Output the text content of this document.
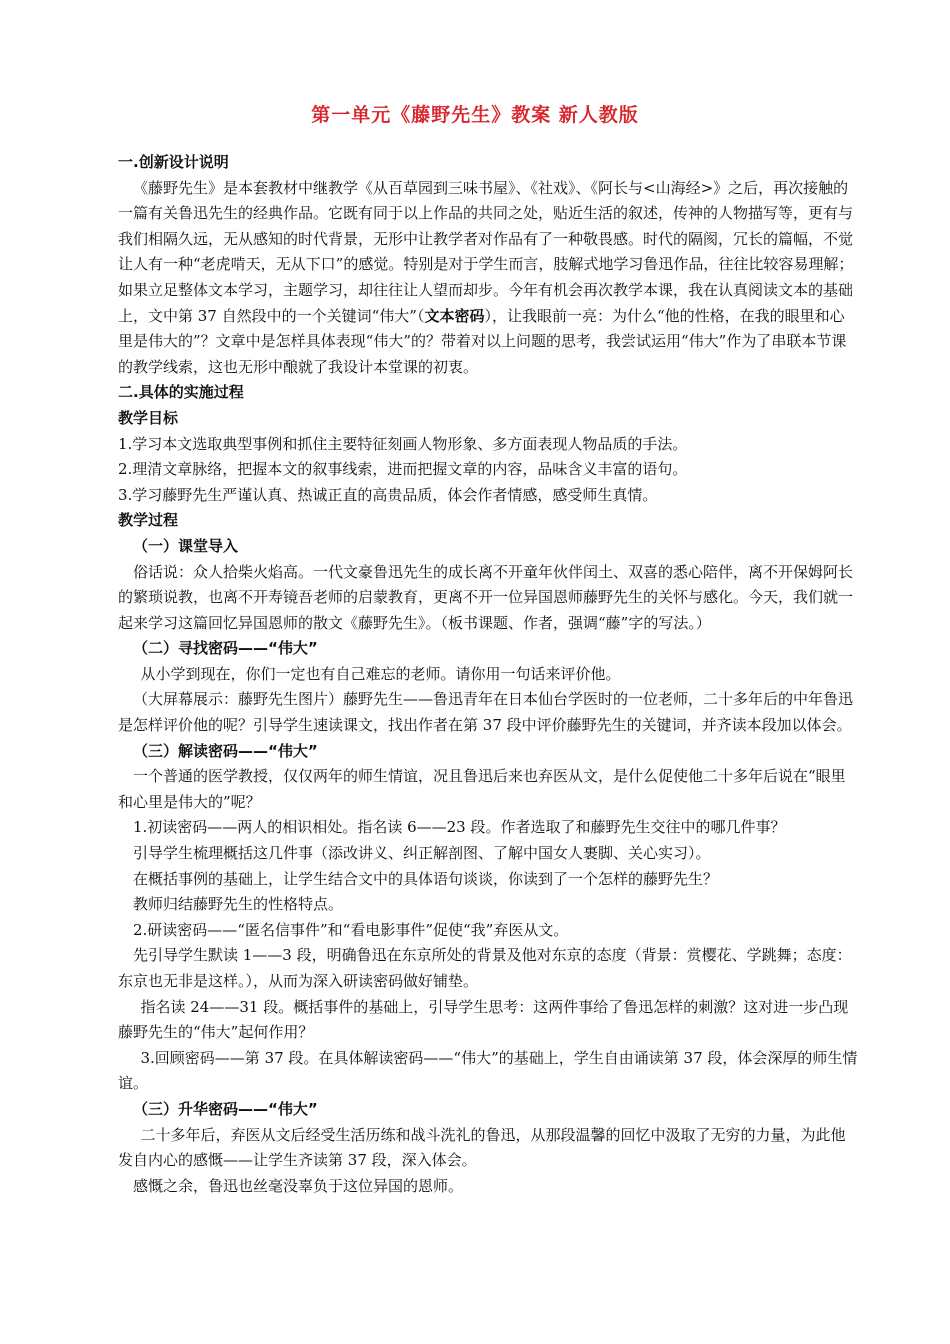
第一单元《藤野先生》教案 新人教版

一.创新设计说明

《藤野先生》是本套教材中继教学《从百草园到三味书屋》、《社戏》、《阿长与<山海经>》之后，再次接触的一篇有关鲁迅先生的经典作品。它既有同于以上作品的共同之处，贴近生活的叙述，传神的人物描写等，更有与我们相隔久远，无从感知的时代背景，无形中让教学者对作品有了一种敬畏感。时代的隔阂，冗长的篇幅，不觉让人有一种“老虎啃天，无从下口”的感觉。特别是对于学生而言，肢解式地学习鲁迅作品，往往比较容易理解；如果立足整体文本学习，主题学习，却往往让人望而却步。今年有机会再次教学本课，我在认真阅读文本的基础上，文中第 37 自然段中的一个关键词“伟大”（文本密码），让我眼前一亮：为什么“他的性格，在我的眼里和心里是伟大的”？文章中是怎样具体表现“伟大”的？带着对以上问题的思考，我尝试运用“伟大”作为了串联本节课的教学线索，这也无形中酿就了我设计本堂课的初衷。

二.具体的实施过程

教学目标

1.学习本文选取典型事例和抓住主要特征刻画人物形象、多方面表现人物品质的手法。

2.理清文章脉络，把握本文的叙事线索，进而把握文章的内容，品味含义丰富的语句。

3.学习藤野先生严谨认真、热诚正直的高贵品质，体会作者情感，感受师生真情。

教学过程

（一）课堂导入

俗话说：众人拾柴火焰高。一代文豪鲁迅先生的成长离不开童年伙伴闰土、双喜的悉心陪伴，离不开保姆阿长的繁琐说教，也离不开寿镜吾老师的启蒙教育，更离不开一位异国恩师藤野先生的关怀与感化。今天，我们就一起来学习这篇回忆异国恩师的散文《藤野先生》。（板书课题、作者，强调“藤”字的写法。）

（二）寻找密码——“伟大”

从小学到现在，你们一定也有自己难忘的老师。请你用一句话来评价他。

（大屏幕展示：藤野先生图片）藤野先生——鲁迅青年在日本仙台学医时的一位老师，二十多年后的中年鲁迅是怎样评价他的呢？引导学生速读课文，找出作者在第 37 段中评价藤野先生的关键词，并齐读本段加以体会。

（三）解读密码——“伟大”

一个普通的医学教授，仅仅两年的师生情谊，况且鲁迅后来也弃医从文，是什么促使他二十多年后说在“眼里和心里是伟大的”呢？

1.初读密码——两人的相识相处。指名读 6——23 段。作者选取了和藤野先生交往中的哪几件事？

引导学生梳理概括这几件事（添改讲义、纠正解剖图、了解中国女人裹脚、关心实习）。

在概括事例的基础上，让学生结合文中的具体语句谈谈，你读到了一个怎样的藤野先生？

教师归结藤野先生的性格特点。

2.研读密码——“匿名信事件”和“看电影事件”促使“我”弃医从文。

先引导学生默读 1——3 段，明确鲁迅在东京所处的背景及他对东京的态度（背景：赏樱花、学跳舞；态度：东京也无非是这样。），从而为深入研读密码做好铺垫。

指名读 24——31 段。概括事件的基础上，引导学生思考：这两件事给了鲁迅怎样的刺激？这对进一步凸现藤野先生的“伟大”起何作用？

3.回顾密码——第 37 段。在具体解读密码——“伟大”的基础上，学生自由诵读第 37 段，体会深厚的师生情谊。

（三）升华密码——“伟大”

二十多年后，弃医从文后经受生活历练和战斗洗礼的鲁迅，从那段温馨的回忆中汲取了无穷的力量，为此他发自内心的感慨——让学生齐读第 37 段，深入体会。

感慨之余，鲁迅也丝毫没辜负于这位异国的恩师。
